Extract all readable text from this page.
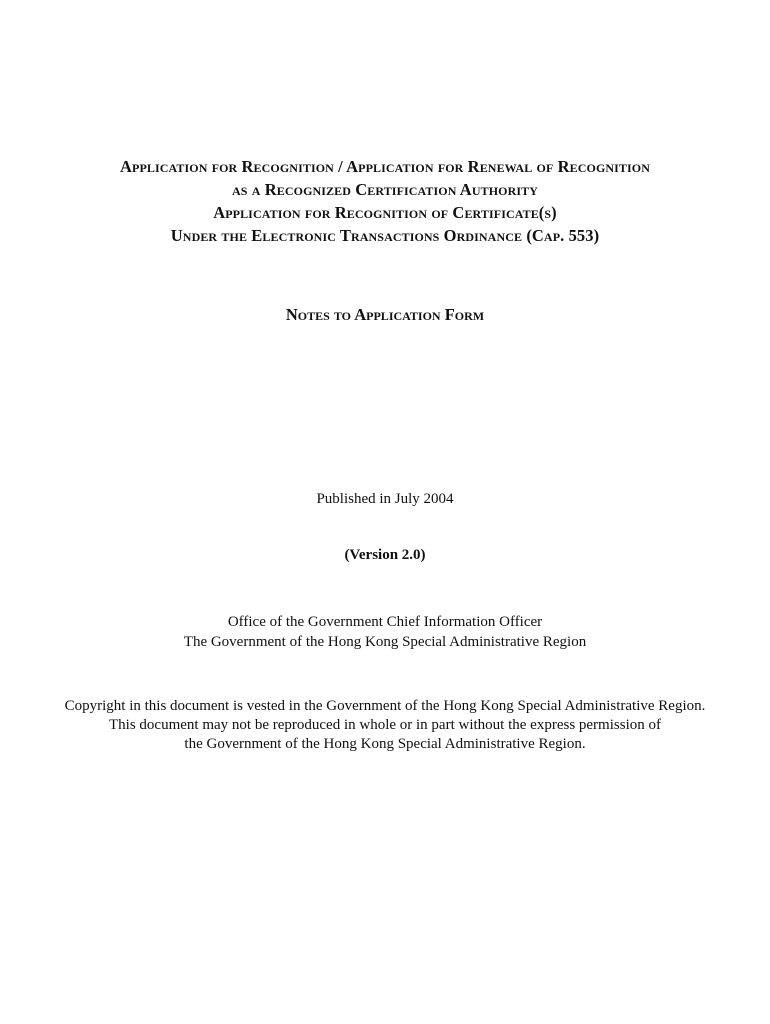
Application for Recognition / Application for Renewal of Recognition
as a Recognized Certification Authority
Application for Recognition of Certificate(s)
Under the Electronic Transactions Ordinance (Cap. 553)
Notes to Application Form
Published in July 2004
(Version 2.0)
Office of the Government Chief Information Officer
The Government of the Hong Kong Special Administrative Region
Copyright in this document is vested in the Government of the Hong Kong Special Administrative Region.
This document may not be reproduced in whole or in part without the express permission of
the Government of the Hong Kong Special Administrative Region.
